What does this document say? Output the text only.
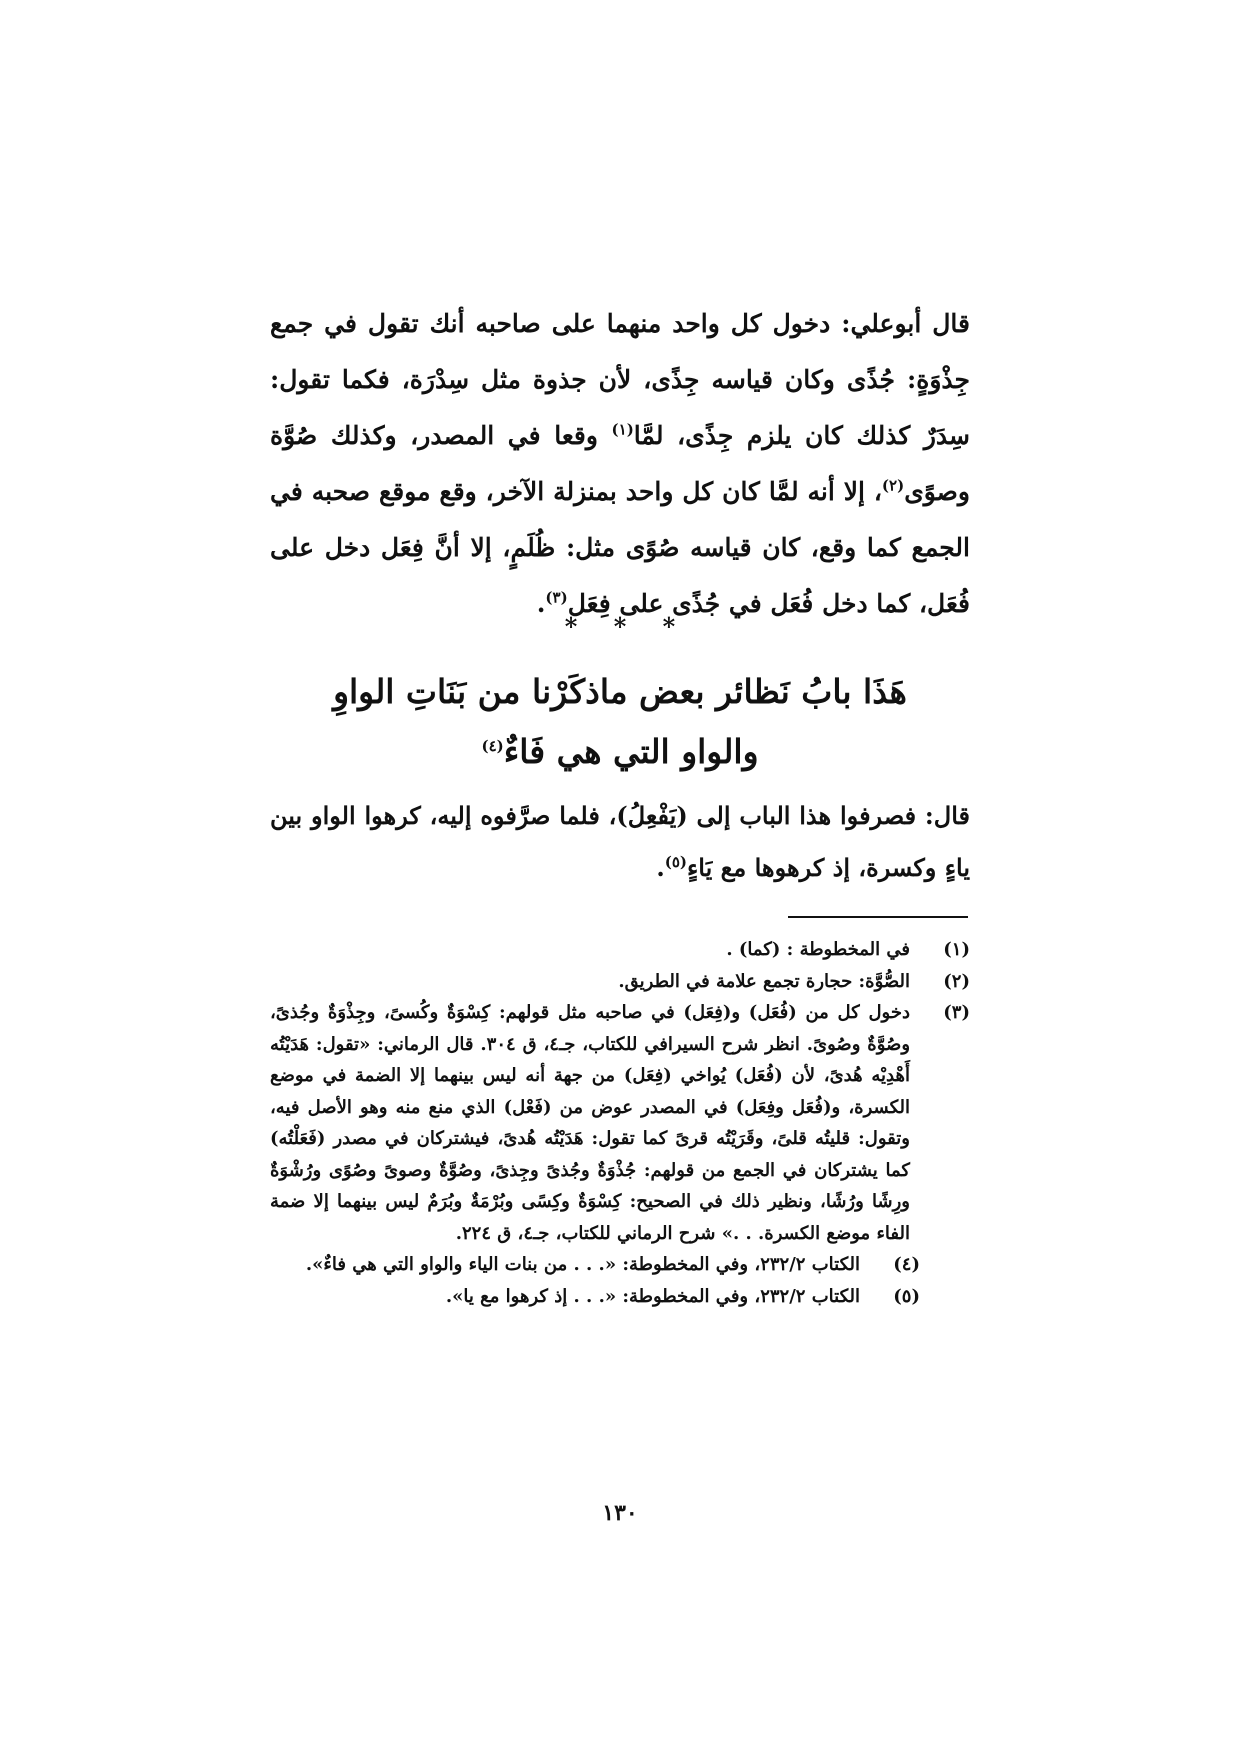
قال أبوعلي: دخول كل واحد منهما على صاحبه أنك تقول في جمع جِذْوَةٍ: جُذًى وكان قياسه جِذًى، لأن جذوة مثل سِدْرَة، فكما تقول: سِدَرٌ كذلك كان يلزم جِذًى، لمَّا$^{(١)}$ وقعا في المصدر، وكذلك صُوَّة وصوًى$^{(٢)}$، إلا أنه لمَّا كان كل واحد بمنزلة الآخر، وقع موقع صحبه في الجمع كما وقع، كان قياسه صُوًى مثل: ظُلَمٍ، إلا أنَّ فِعَل دخل على فُعَل، كما دخل فُعَل في جُذًى على فِعَل$^{(٣)}$.
* * *
هَذَا بابُ نَظائر بعض ماذكَرْنا من بَنَاتِ الواوِ
والواو التي هي فَاءٌ$^{(٤)}$
قال: فصرفوا هذا الباب إلى (يَفْعِلُ)، فلما صرَّفوه إليه، كرهوا الواو بين ياءٍ وكسرة، إذ كرهوها مع يَاءٍ$^{(٥)}$.
(١)
في المخطوطة : (كما) .
(٢)
الصُّوَّة: حجارة تجمع علامة في الطريق.
(٣)
دخول كل من (فُعَل) و(فِعَل) في صاحبه مثل قولهم: كِسْوَةٌ وكُسىً، وجِذْوَةٌ وجُذىً، وصُوَّةٌ وصُوىً. انظر شرح السيرافي للكتاب، جـ٤، ق ٣٠٤. قال الرماني: «تقول: هَدَيْتُه أَهْدِيْه هُدىً، لأن (فُعَل) يُواخي (فِعَل) من جهة أنه ليس بينهما إلا الضمة في موضع الكسرة، و(فُعَل وفِعَل) في المصدر عوض من (فَعْل) الذي منع منه وهو الأصل فيه، وتقول: قليتُه قلىً، وقَرَيْتُه قرىً كما تقول: هَدَيْتُه هُدىً، فيشتركان في مصدر (فَعَلْتُه) كما يشتركان في الجمع من قولهم: جُذْوَةٌ وجُذىً وجِذىً، وصُوَّةٌ وصوىً وصُوًى ورُشْوَةٌ ورِشًا ورُشًا، ونظير ذلك في الصحيح: كِسْوَةٌ وكِسًى وبُرْمَةٌ وبُرَمٌ ليس بينهما إلا ضمة الفاء موضع الكسرة. . .» شرح الرماني للكتاب، جـ٤، ق ٢٢٤.
(٤)
الكتاب ٢٣٢/٢، وفي المخطوطة: «. . . من بنات الياء والواو التي هي فاءٌ».
(٥)
الكتاب ٢٣٢/٢، وفي المخطوطة: «. . . إذ كرهوا مع يا».
١٣٠
